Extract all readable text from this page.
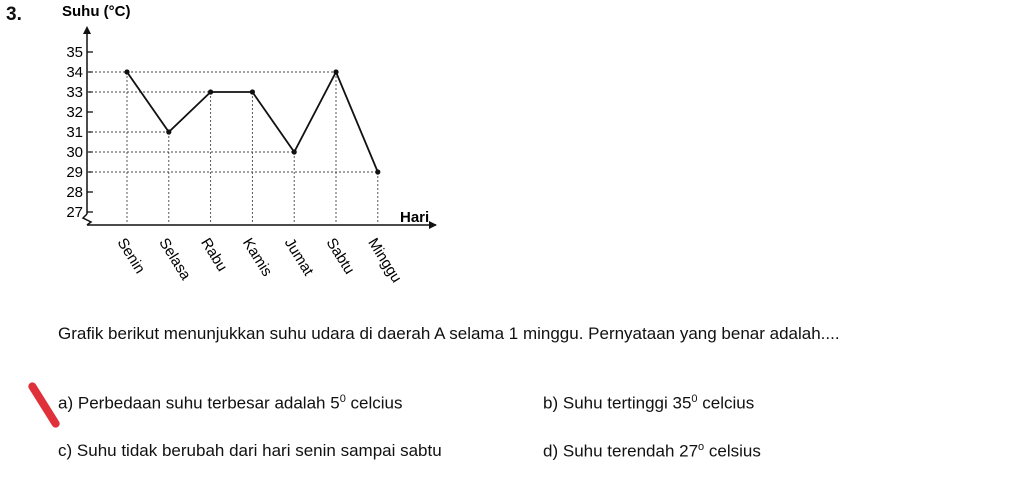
3.
27
28
29
30
31
32
33
34
35
Suhu (°C)
Hari
Senin Selasa Rabu Kamis Jumat Sabtu Minggu
Grafik berikut menunjukkan suhu udara di daerah A selama 1 minggu. Pernyataan yang benar adalah....
a) Perbedaan suhu terbesar adalah $5^0$ celcius	b) Suhu tertinggi $35^0$ celcius
c) Suhu tidak berubah dari hari senin sampai sabtu	d) Suhu terendah 27$^o$ celsius
